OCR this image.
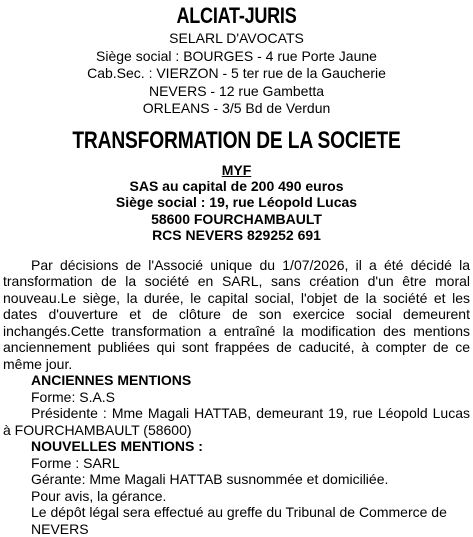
ALCIAT-JURIS
SELARL D'AVOCATS
Siège social : BOURGES - 4 rue Porte Jaune
Cab.Sec. : VIERZON - 5 ter rue de la Gaucherie
NEVERS - 12 rue Gambetta
ORLEANS - 3/5 Bd de Verdun
TRANSFORMATION DE LA SOCIETE
MYF
SAS au capital de 200 490 euros
Siège social : 19, rue Léopold Lucas
58600 FOURCHAMBAULT
RCS NEVERS 829252 691
Par décisions de l'Associé unique du 1/07/2026, il a été décidé la transformation de la société en SARL, sans création d'un être moral nouveau.Le siège, la durée, le capital social, l'objet de la société et les dates d'ouverture et de clôture de son exercice social demeurent inchangés.Cette transformation a entraîné la modification des mentions anciennement publiées qui sont frappées de caducité, à compter de ce même jour.
ANCIENNES MENTIONS
Forme: S.A.S
Présidente : Mme Magali HATTAB, demeurant 19, rue Léopold Lucas à FOURCHAMBAULT (58600)
NOUVELLES MENTIONS :
Forme : SARL
Gérante: Mme Magali HATTAB susnommée et domiciliée.
Pour avis, la gérance.
Le dépôt légal sera effectué au greffe du Tribunal de Commerce de NEVERS
